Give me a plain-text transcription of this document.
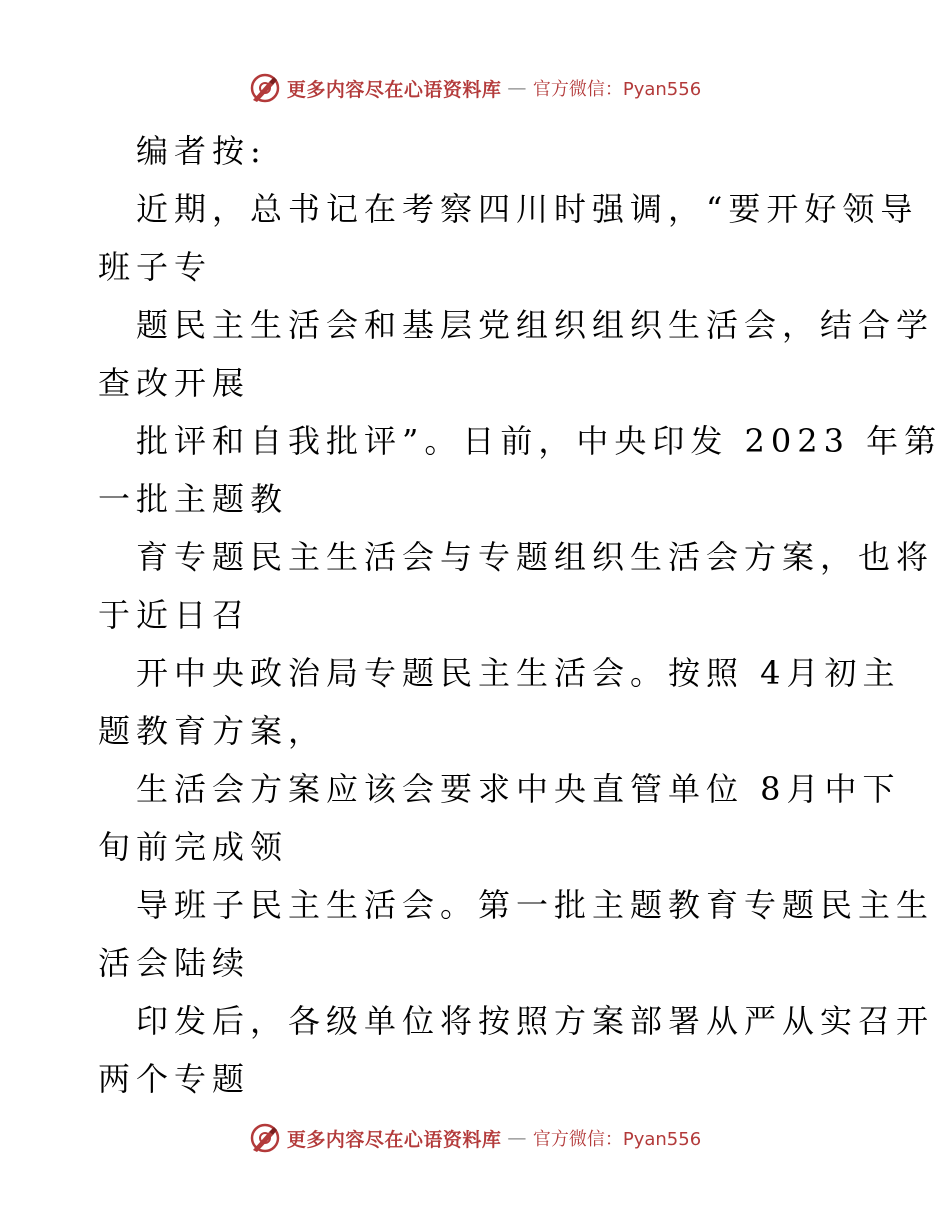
更多内容尽在心语资料库 — 官方微信：Pyan556
编者按:
近期，总书记在考察四川时强调，“要开好领导
班子专
题民主生活会和基层党组织组织生活会，结合学
查改开展
批评和自我批评”。日前，中央印发 2023 年第
一批主题教
育专题民主生活会与专题组织生活会方案，也将
于近日召
开中央政治局专题民主生活会。按照 4月初主
题教育方案，
生活会方案应该会要求中央直管单位 8月中下
旬前完成领
导班子民主生活会。第一批主题教育专题民主生
活会陆续
印发后，各级单位将按照方案部署从严从实召开
两个专题
更多内容尽在心语资料库 — 官方微信：Pyan556
